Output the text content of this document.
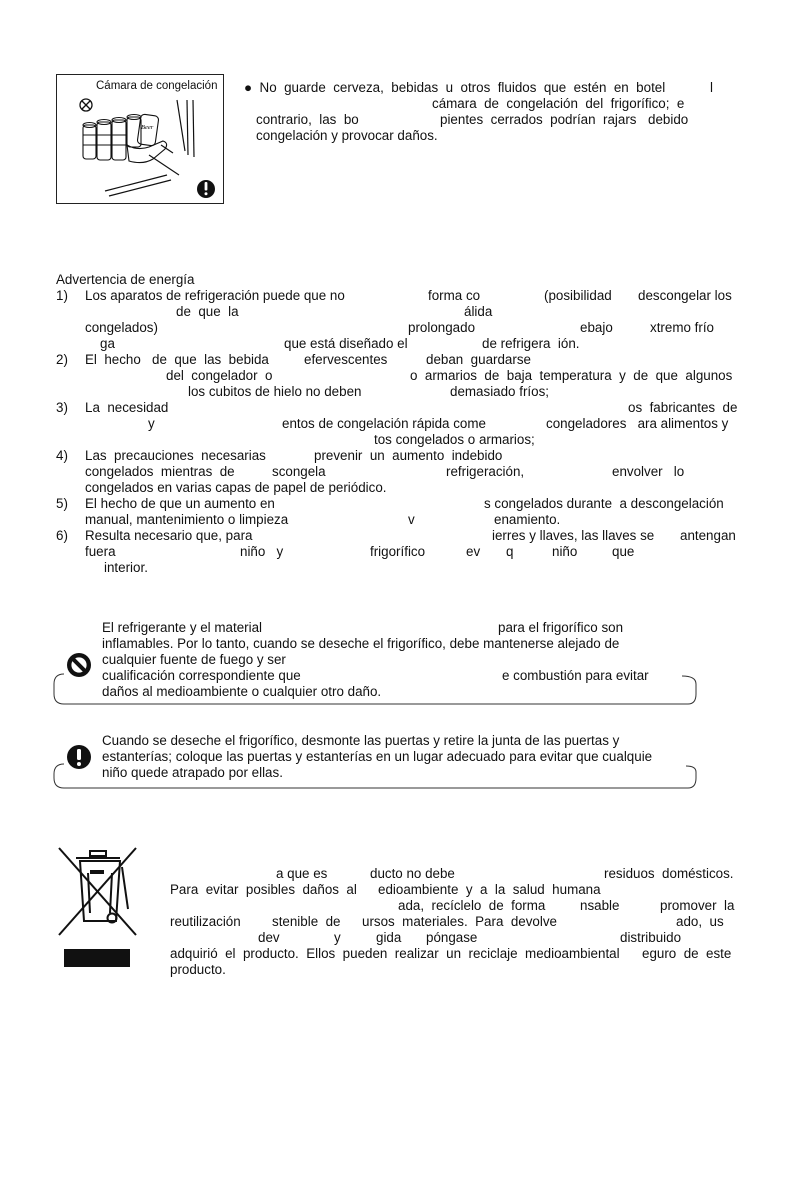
Cámara de congelación
Beer
●  No  guarde  cerveza,  bebidas  u  otros  fluidos  que  estén  en  botel	l
cámara  de  congelación  del  frigorífico;  e
contrario,  las  bo	pientes  cerrados  podrían  rajars debido
congelación y provocar daños.
Advertencia de energía
1) Los aparatos de refrigeración puede que no	forma co	(posibilidad descongelar los
de  que  la	álida
congelados)	prolongado	ebajo	xtremo frío
ga	que está diseñado el	de refrigera  ión.
2) El  hecho   de  que  las  bebida	efervescentes	deban  guardarse
del  congelador  o	o  armarios  de  baja  temperatura  y  de  que  algunos
los cubitos de hielo no deben	demasiado fríos;
3) La  necesidad	os  fabricantes  de
y	entos de congelación rápida come	congeladores   ara alimentos y
tos congelados o armarios;
4) Las  precauciones  necesarias	prevenir  un  aumento  indebido
congelados  mientras  de	scongela	refrigeración,	envolver   lo
congelados en varias capas de papel de periódico.
5) El hecho de que un aumento en	s congelados durante  a descongelación
manual, mantenimiento o limpieza	v	enamiento.
6) Resulta necesario que, para	ierres y llaves, las llaves se antengan
fuera	niño   y	frigorífico	ev q	niño	que
interior.
El refrigerante y el material	para el frigorífico son
inflamables. Por lo tanto, cuando se deseche el frigorífico, debe mantenerse alejado de
cualquier fuente de fuego y ser
cualificación correspondiente que	e combustión para evitar
daños al medioambiente o cualquier otro daño.
Cuando se deseche el frigorífico, desmonte las puertas y retire la junta de las puertas y
estanterías; coloque las puertas y estanterías en un lugar adecuado para evitar que cualquie
niño quede atrapado por ellas.
a que es	ducto no debe	residuos  domésticos.
Para  evitar  posibles  daños  al edioambiente  y  a  la  salud  humana
ada,  recíclelo  de  forma	nsable	promover  la
reutilización stenible  de ursos  materiales.  Para  devolve	ado,  us
dev	y	gida póngase	distribuido
adquirió  el  producto.  Ellos  pueden  realizar  un  reciclaje  medioambiental eguro  de  este
producto.
